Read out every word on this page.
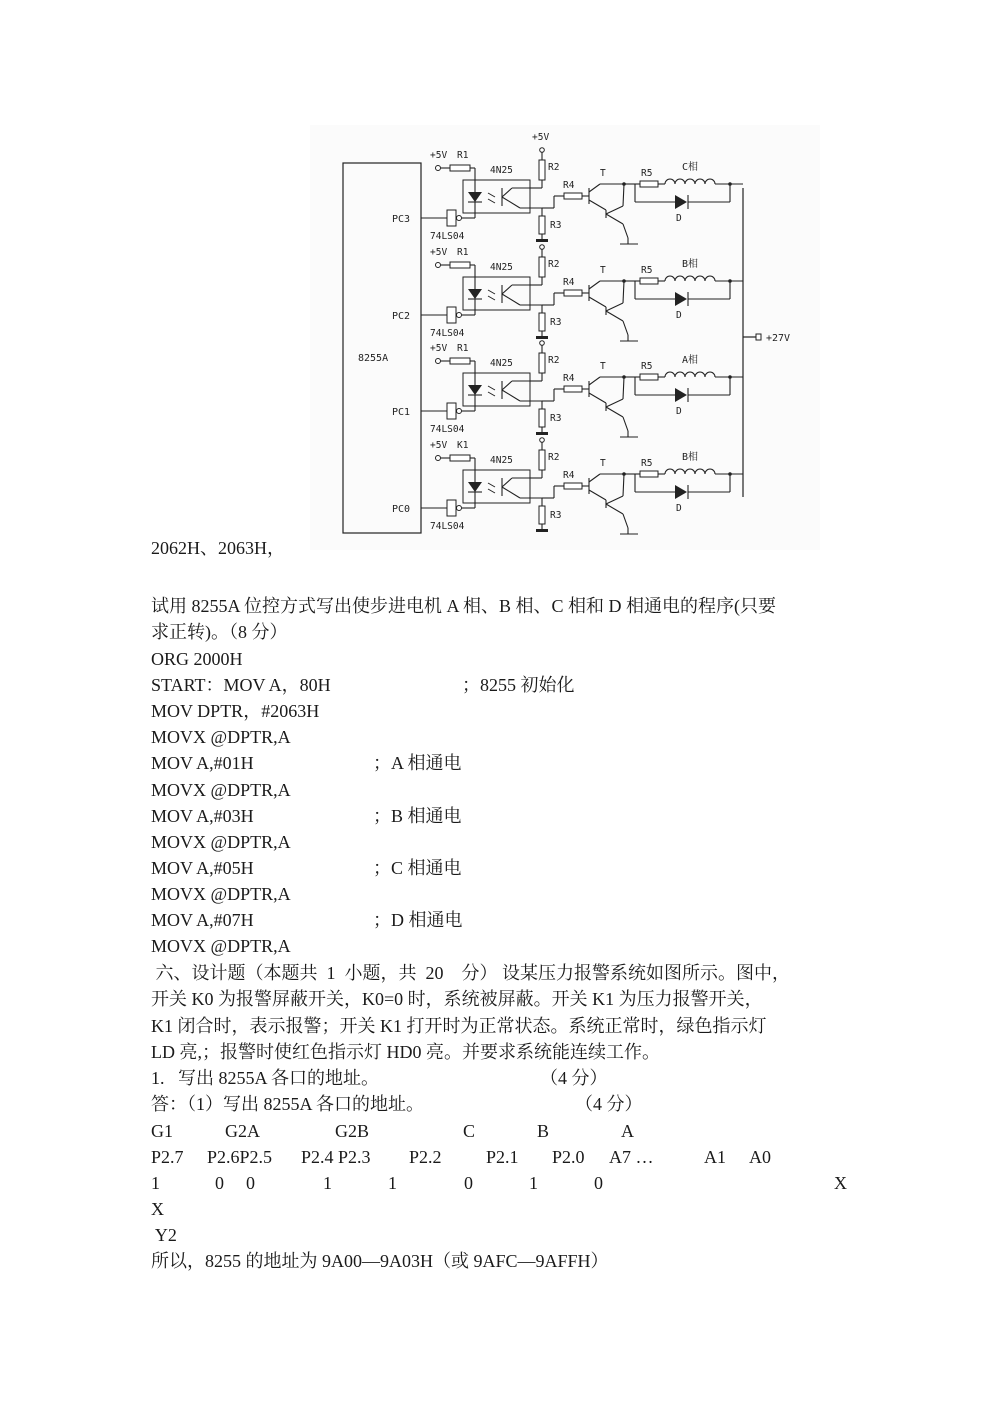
8255A
+27V
PC3
74LS04
+5V R1
4N25	R2
+5V
R3
R4
T	R5
C相
D
PC2
74LS04
+5V R1
4N25	R2
R3
R4
T	R5
B相
D
PC1
74LS04
+5V R1
4N25	R2
R3
R4
T	R5
A相
D
PC0
74LS04
+5V K1
4N25	R2
R3
R4
T	R5
B相
D
2062H、2063H，
试用 8255A 位控方式写出使步进电机 A 相、B 相、C 相和 D 相通电的程序(只要
求正转)。（8 分）
ORG 2000H
START：MOV A，80H	；8255 初始化
MOV DPTR，#2063H
MOVX @DPTR,A
MOV A,#01H	；A 相通电
MOVX @DPTR,A
MOV A,#03H	；B 相通电
MOVX @DPTR,A
MOV A,#05H	；C 相通电
MOVX @DPTR,A
MOV A,#07H	；D 相通电
MOVX @DPTR,A
六、设计题（本题共  1  小题，共  20    分） 设某压力报警系统如图所示。图中，
开关 K0 为报警屏蔽开关，K0=0 时，系统被屏蔽。开关 K1 为压力报警开关，
K1 闭合时，表示报警；开关 K1 打开时为正常状态。系统正常时，绿色指示灯
LD 亮,；报警时使红色指示灯 HD0 亮。并要求系统能连续工作。
1.   写出 8255A 各口的地址。	（4 分）
答：（1）写出 8255A 各口的地址。	（4 分）
G1	G2A	G2B	C	B	A
P2.7 P2.6P2.5 P2.4 P2.3 P2.2 P2.1 P2.0 A7 …	A1 A0
1	0 0	1	1	0	1	0	X
X
Y2
所以，8255 的地址为 9A00—9A03H（或 9AFC—9AFFH）
